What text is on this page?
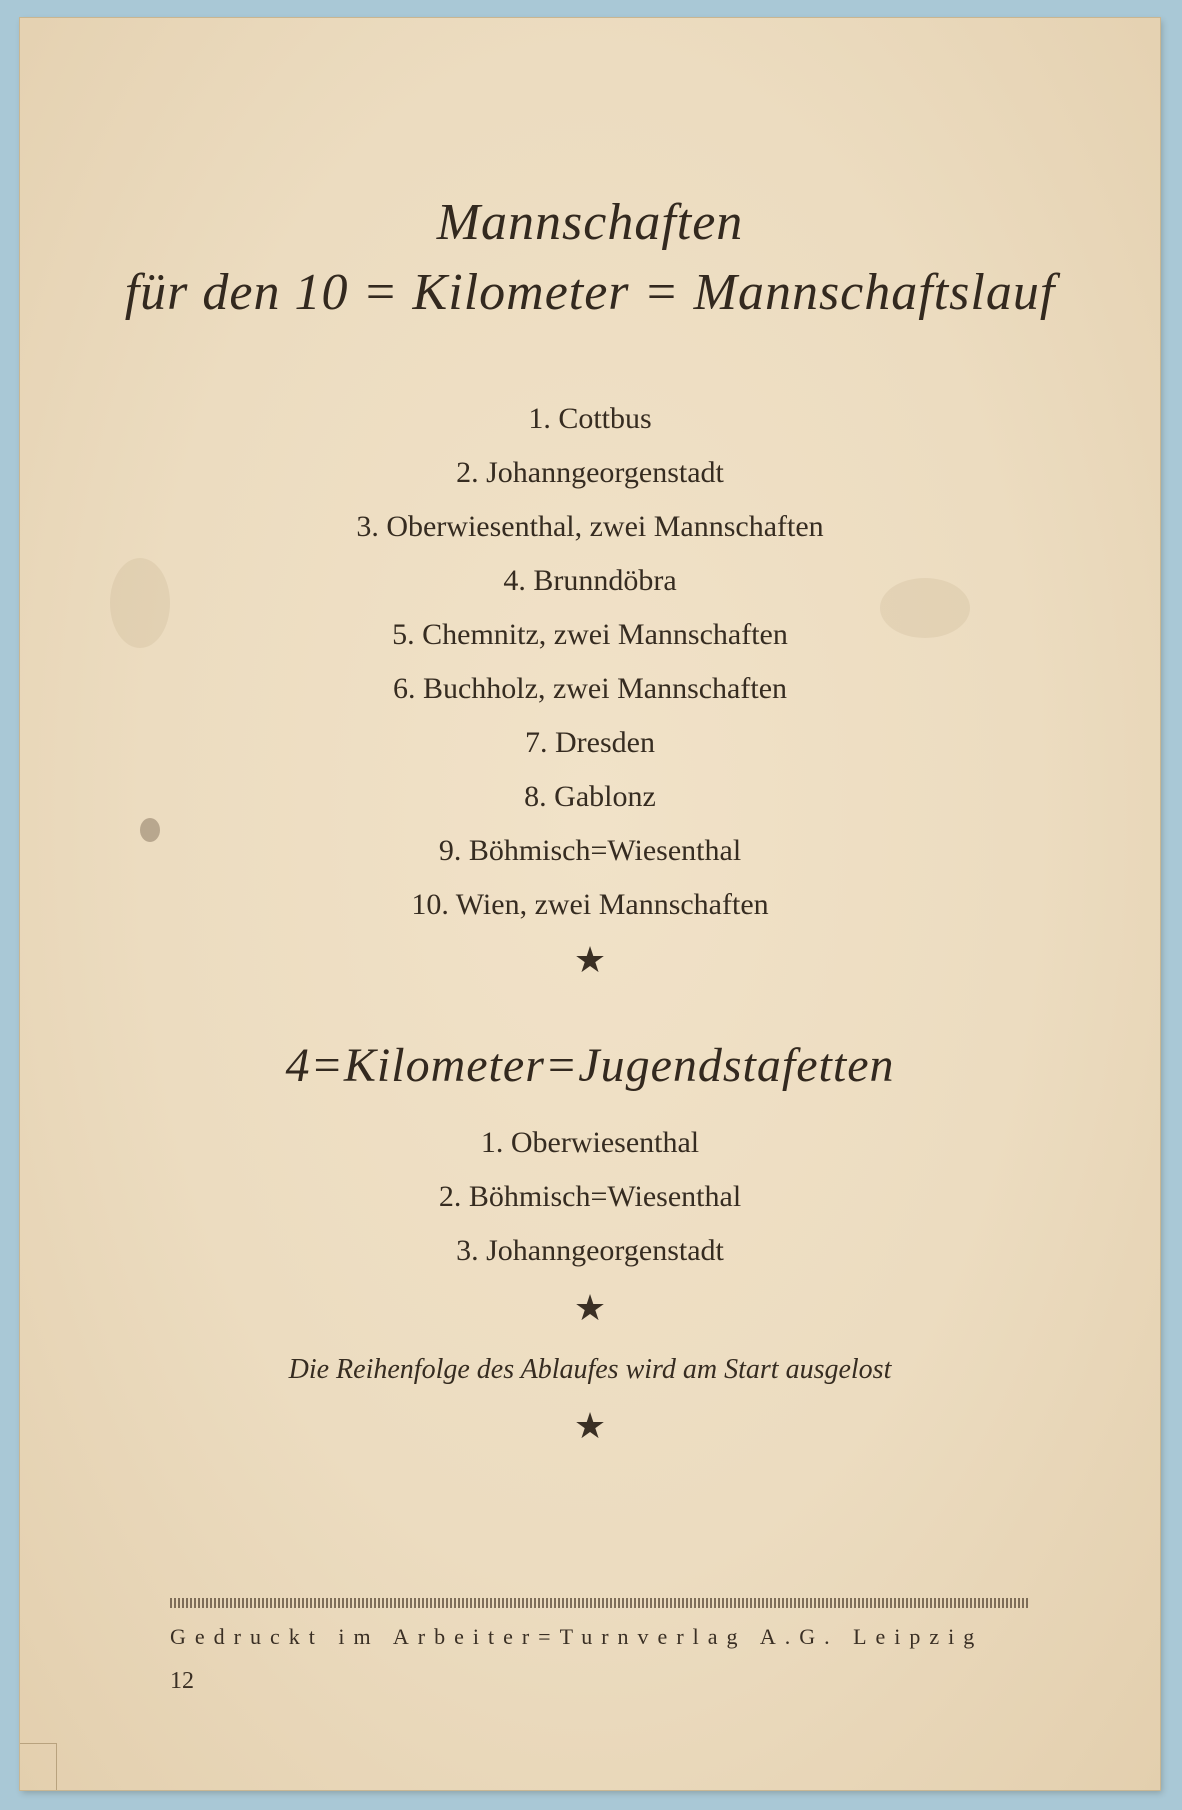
Mannschaften
für den 10 = Kilometer = Mannschaftslauf
1. Cottbus
2. Johanngeorgenstadt
3. Oberwiesenthal, zwei Mannschaften
4. Brunndöbra
5. Chemnitz, zwei Mannschaften
6. Buchholz, zwei Mannschaften
7. Dresden
8. Gablonz
9. Böhmisch=Wiesenthal
10. Wien, zwei Mannschaften
★
4=Kilometer=Jugendstafetten
1. Oberwiesenthal
2. Böhmisch=Wiesenthal
3. Johanngeorgenstadt
★
Die Reihenfolge des Ablaufes wird am Start ausgelost
★
Gedruckt im Arbeiter=Turnverlag A.G. Leipzig
12
